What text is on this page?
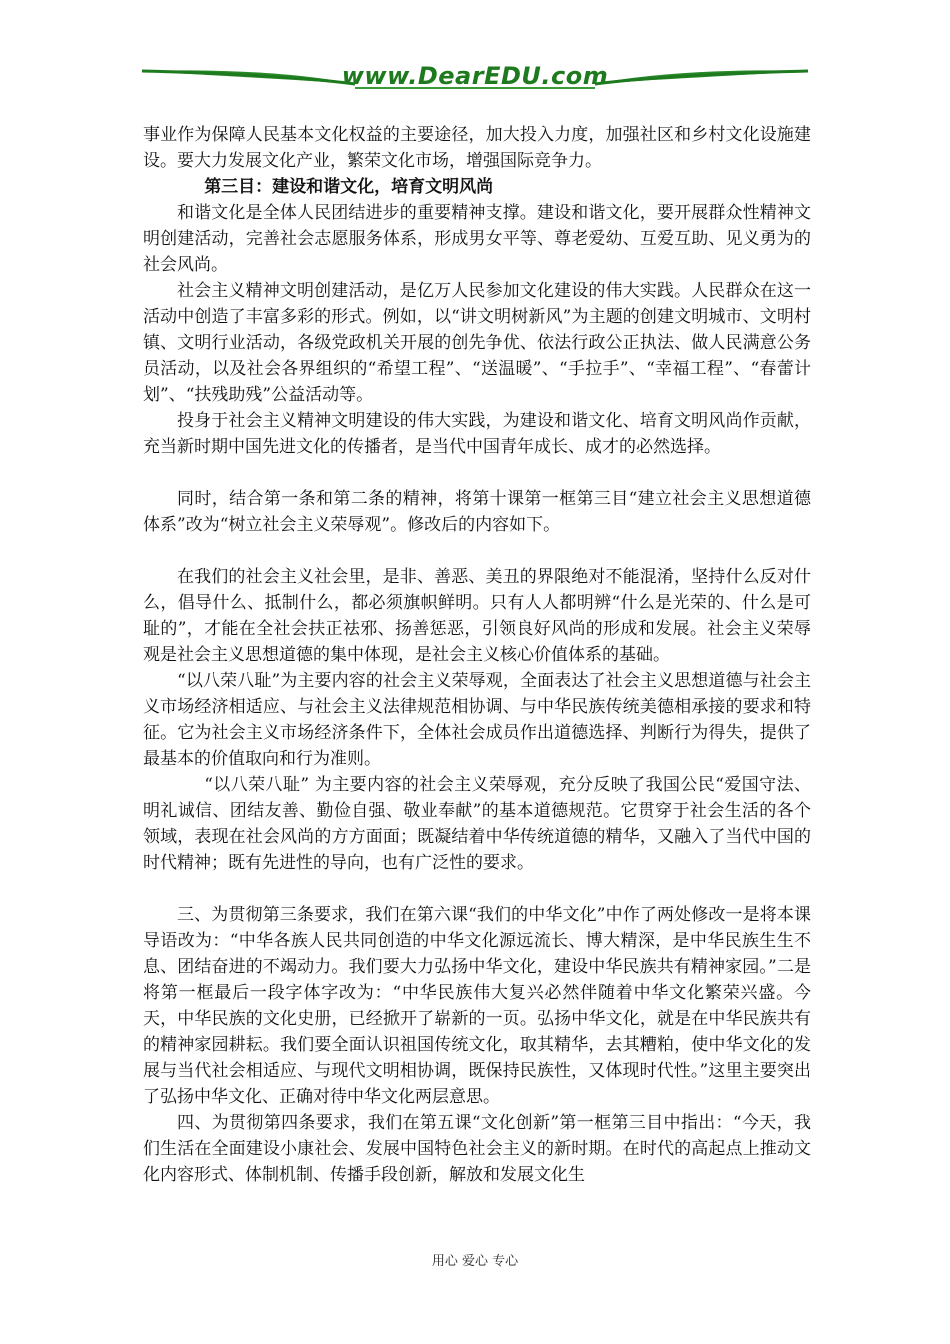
www.DearEDU.com

事业作为保障人民基本文化权益的主要途径，加大投入力度，加强社区和乡村文化设施建设。要大力发展文化产业，繁荣文化市场，增强国际竞争力。

第三目：建设和谐文化，培育文明风尚

和谐文化是全体人民团结进步的重要精神支撑。建设和谐文化，要开展群众性精神文明创建活动，完善社会志愿服务体系，形成男女平等、尊老爱幼、互爱互助、见义勇为的社会风尚。

社会主义精神文明创建活动，是亿万人民参加文化建设的伟大实践。人民群众在这一活动中创造了丰富多彩的形式。例如，以“讲文明树新风”为主题的创建文明城市、文明村镇、文明行业活动，各级党政机关开展的创先争优、依法行政公正执法、做人民满意公务员活动，以及社会各界组织的“希望工程”、“送温暖”、“手拉手”、“幸福工程”、“春蕾计划”、“扶残助残”公益活动等。

投身于社会主义精神文明建设的伟大实践，为建设和谐文化、培育文明风尚作贡献，充当新时期中国先进文化的传播者，是当代中国青年成长、成才的必然选择。

同时，结合第一条和第二条的精神，将第十课第一框第三目“建立社会主义思想道德体系”改为“树立社会主义荣辱观”。修改后的内容如下。

在我们的社会主义社会里，是非、善恶、美丑的界限绝对不能混淆，坚持什么反对什么，倡导什么、抵制什么，都必须旗帜鲜明。只有人人都明辨“什么是光荣的、什么是可耻的”，才能在全社会扶正祛邪、扬善惩恶，引领良好风尚的形成和发展。社会主义荣辱观是社会主义思想道德的集中体现，是社会主义核心价值体系的基础。

“以八荣八耻”为主要内容的社会主义荣辱观，全面表达了社会主义思想道德与社会主义市场经济相适应、与社会主义法律规范相协调、与中华民族传统美德相承接的要求和特征。它为社会主义市场经济条件下，全体社会成员作出道德选择、判断行为得失，提供了最基本的价值取向和行为准则。

“以八荣八耻” 为主要内容的社会主义荣辱观，充分反映了我国公民“爱国守法、明礼诚信、团结友善、勤俭自强、敬业奉献”的基本道德规范。它贯穿于社会生活的各个领域，表现在社会风尚的方方面面；既凝结着中华传统道德的精华，又融入了当代中国的时代精神；既有先进性的导向，也有广泛性的要求。

三、为贯彻第三条要求，我们在第六课“我们的中华文化”中作了两处修改一是将本课导语改为：“中华各族人民共同创造的中华文化源远流长、博大精深，是中华民族生生不息、团结奋进的不竭动力。我们要大力弘扬中华文化，建设中华民族共有精神家园。”二是将第一框最后一段字体字改为：“中华民族伟大复兴必然伴随着中华文化繁荣兴盛。今天，中华民族的文化史册，已经掀开了崭新的一页。弘扬中华文化，就是在中华民族共有的精神家园耕耘。我们要全面认识祖国传统文化，取其精华，去其糟粕，使中华文化的发展与当代社会相适应、与现代文明相协调，既保持民族性，又体现时代性。”这里主要突出了弘扬中华文化、正确对待中华文化两层意思。

四、为贯彻第四条要求，我们在第五课“文化创新”第一框第三目中指出：“今天，我们生活在全面建设小康社会、发展中国特色社会主义的新时期。在时代的高起点上推动文化内容形式、体制机制、传播手段创新，解放和发展文化生

用心 爱心 专心
